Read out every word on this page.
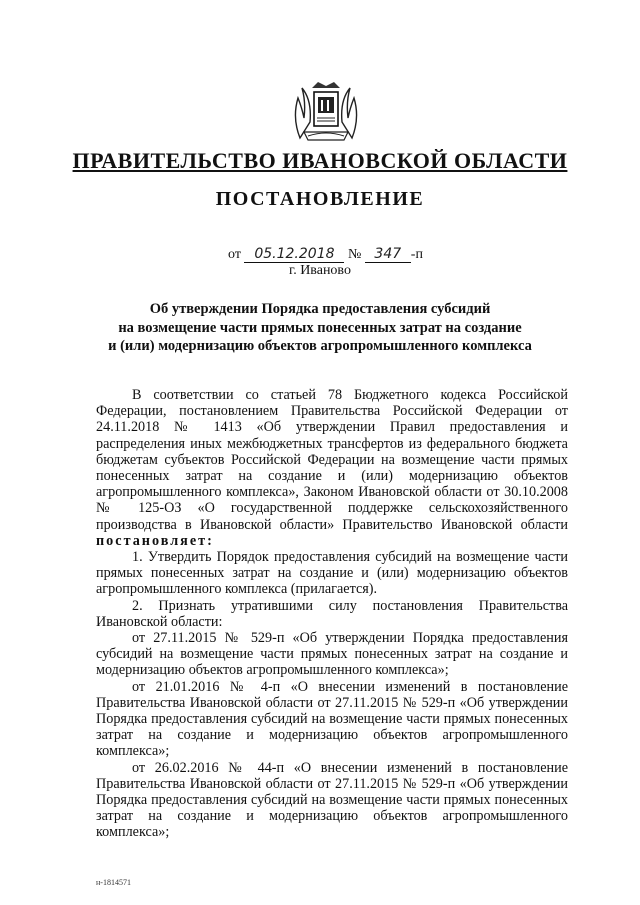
ПРАВИТЕЛЬСТВО ИВАНОВСКОЙ ОБЛАСТИ
ПОСТАНОВЛЕНИЕ
от 05.12.2018 № 347 -п
г. Иваново
Об утверждении Порядка предоставления субсидий
на возмещение части прямых понесенных затрат на создание
и (или) модернизацию объектов агропромышленного комплекса

В соответствии со статьей 78 Бюджетного кодекса Российской Федерации, постановлением Правительства Российской Федерации от 24.11.2018 № 1413 «Об утверждении Правил предоставления и распределения иных межбюджетных трансфертов из федерального бюджета бюджетам субъектов Российской Федерации на возмещение части прямых понесенных затрат на создание и (или) модернизацию объектов агропромышленного комплекса», Законом Ивановской области от 30.10.2008 № 125-ОЗ «О государственной поддержке сельскохозяйственного производства в Ивановской области» Правительство Ивановской области постановляет:

1. Утвердить Порядок предоставления субсидий на возмещение части прямых понесенных затрат на создание и (или) модернизацию объектов агропромышленного комплекса (прилагается).

2. Признать утратившими силу постановления Правительства Ивановской области:

от 27.11.2015 № 529-п «Об утверждении Порядка предоставления субсидий на возмещение части прямых понесенных затрат на создание и модернизацию объектов агропромышленного комплекса»;

от 21.01.2016 № 4-п «О внесении изменений в постановление Правительства Ивановской области от 27.11.2015 № 529-п «Об утверждении Порядка предоставления субсидий на возмещение части прямых понесенных затрат на создание и модернизацию объектов агропромышленного комплекса»;

от 26.02.2016 № 44-п «О внесении изменений в постановление Правительства Ивановской области от 27.11.2015 № 529-п «Об утверждении Порядка предоставления субсидий на возмещение части прямых понесенных затрат на создание и модернизацию объектов агропромышленного комплекса»;

н-1814571
